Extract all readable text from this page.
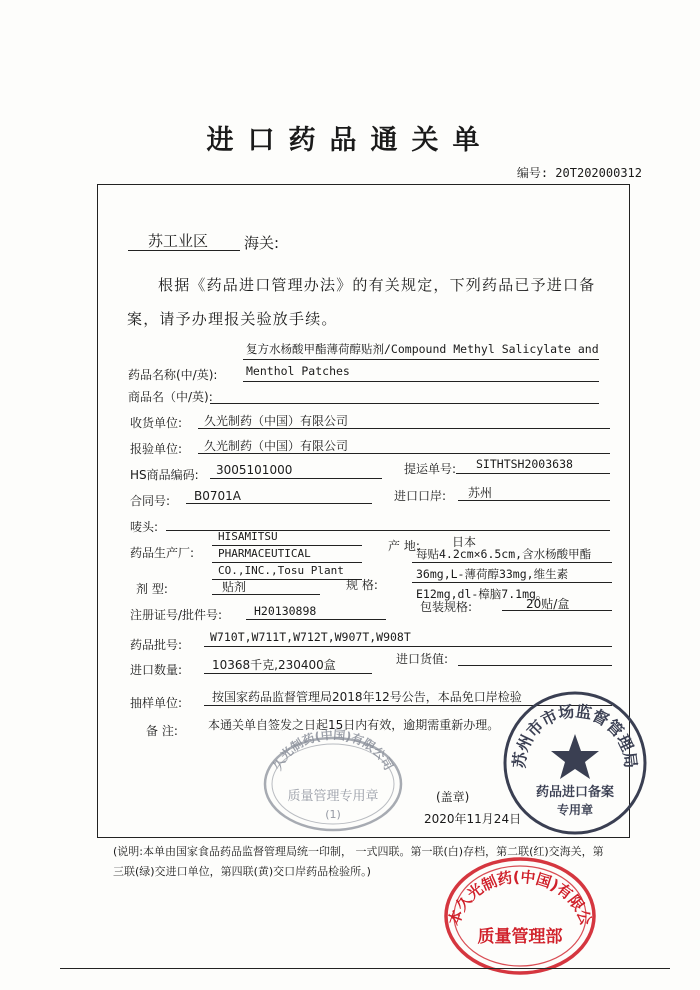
进口药品通关单
编号: 20T202000312
苏工业区 海关:
根据《药品进口管理办法》的有关规定，下列药品已予进口备
案，请予办理报关验放手续。
药品名称(中/英):
复方水杨酸甲酯薄荷醇贴剂/Compound Methyl Salicylate and
Menthol Patches
商品名（中/英):
收货单位: 久光制药（中国）有限公司
报验单位: 久光制药（中国）有限公司
HS商品编码: 3005101000	提运单号: SITHTSH2003638
合同号: B0701A	进口口岸: 苏州
唛头:
药品生产厂:
HISAMITSU
PHARMACEUTICAL
CO.,INC.,Tosu Plant
产 地:	日本
剂 型:	贴剂	规 格:
每贴4.2cm×6.5cm,含水杨酸甲酯
36mg,L-薄荷醇33mg,维生素
E12mg,dl-樟脑7.1mg。
注册证号/批件号:	H20130898	包装规格:	20贴/盒
药品批号:
W710T,W711T,W712T,W907T,W908T
进口数量: 10368千克,230400盒	进口货值:
抽样单位: 按国家药品监督管理局2018年12号公告，本品免口岸检验
备 注:	本通关单自签发之日起15日内有效，逾期需重新办理。
(盖章)
2020年11月24日
久光制药(中国)有限公司
质量管理专用章
(1)
苏州市市场监督管理局
药品进口备案
专用章
(说明:本单由国家食品药品监督管理局统一印制， 一式四联。第一联(白)存档，第二联(红)交海关，第
三联(绿)交进口单位，第四联(黄)交口岸药品检验所。)
本久光制药(中国)有限公
质量管理部
